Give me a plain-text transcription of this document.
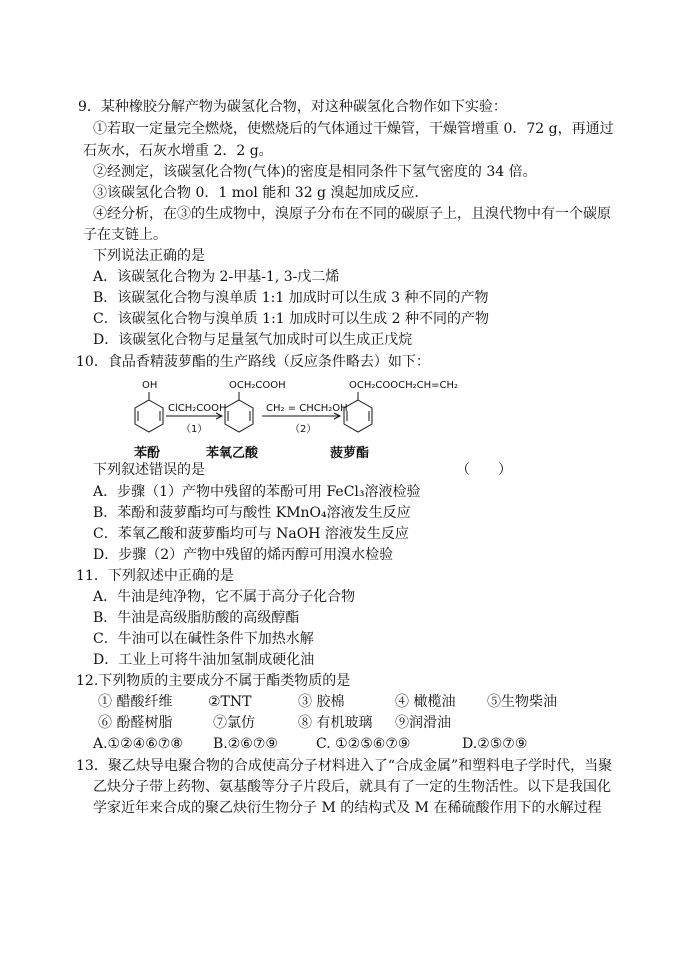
9．某种橡胶分解产物为碳氢化合物，对这种碳氢化合物作如下实验：
①若取一定量完全燃烧，使燃烧后的气体通过干燥管，干燥管增重 0．72 g，再通过
石灰水，石灰水增重 2．2 g。
②经测定，该碳氢化合物(气体)的密度是相同条件下氢气密度的 34 倍。
③该碳氢化合物 0．1 mol 能和 32 g 溴起加成反应．
④经分析，在③的生成物中，溴原子分布在不同的碳原子上，且溴代物中有一个碳原
子在支链上。
下列说法正确的是
A．该碳氢化合物为 2-甲基-1, 3-戊二烯
B．该碳氢化合物与溴单质 1:1 加成时可以生成 3 种不同的产物
C．该碳氢化合物与溴单质 1:1 加成时可以生成 2 种不同的产物
D．该碳氢化合物与足量氢气加成时可以生成正戊烷
10．食品香精菠萝酯的生产路线（反应条件略去）如下：
OH	OCH₂COOH	OCH₂COOCH₂CH=CH₂
ClCH₂COOH
（1）
CH₂ = CHCH₂OH
（2）
苯酚	苯氧乙酸	菠萝酯
下列叙述错误的是	（　　）
A．步骤（1）产物中残留的苯酚可用 FeCl₃溶液检验
B．苯酚和菠萝酯均可与酸性 KMnO₄溶液发生反应
C．苯氧乙酸和菠萝酯均可与 NaOH 溶液发生反应
D．步骤（2）产物中残留的烯丙醇可用溴水检验
11．下列叙述中正确的是
A．牛油是纯净物，它不属于高分子化合物
B．牛油是高级脂肪酸的高级醇酯
C．牛油可以在碱性条件下加热水解
D．工业上可将牛油加氢制成硬化油
12.下列物质的主要成分不属于酯类物质的是
① 醋酸纤维	②TNT	③ 胶棉	④ 橄榄油 ⑤生物柴油
⑥ 酚醛树脂	⑦氯仿	⑧ 有机玻璃 ⑨润滑油
A.①②④⑥⑦⑧ B.②⑥⑦⑨	C. ①②⑤⑥⑦⑨	D.②⑤⑦⑨
13．聚乙炔导电聚合物的合成使高分子材料进入了“合成金属”和塑料电子学时代，当聚
乙炔分子带上药物、氨基酸等分子片段后，就具有了一定的生物活性。以下是我国化
学家近年来合成的聚乙炔衍生物分子 M 的结构式及 M 在稀硫酸作用下的水解过程
